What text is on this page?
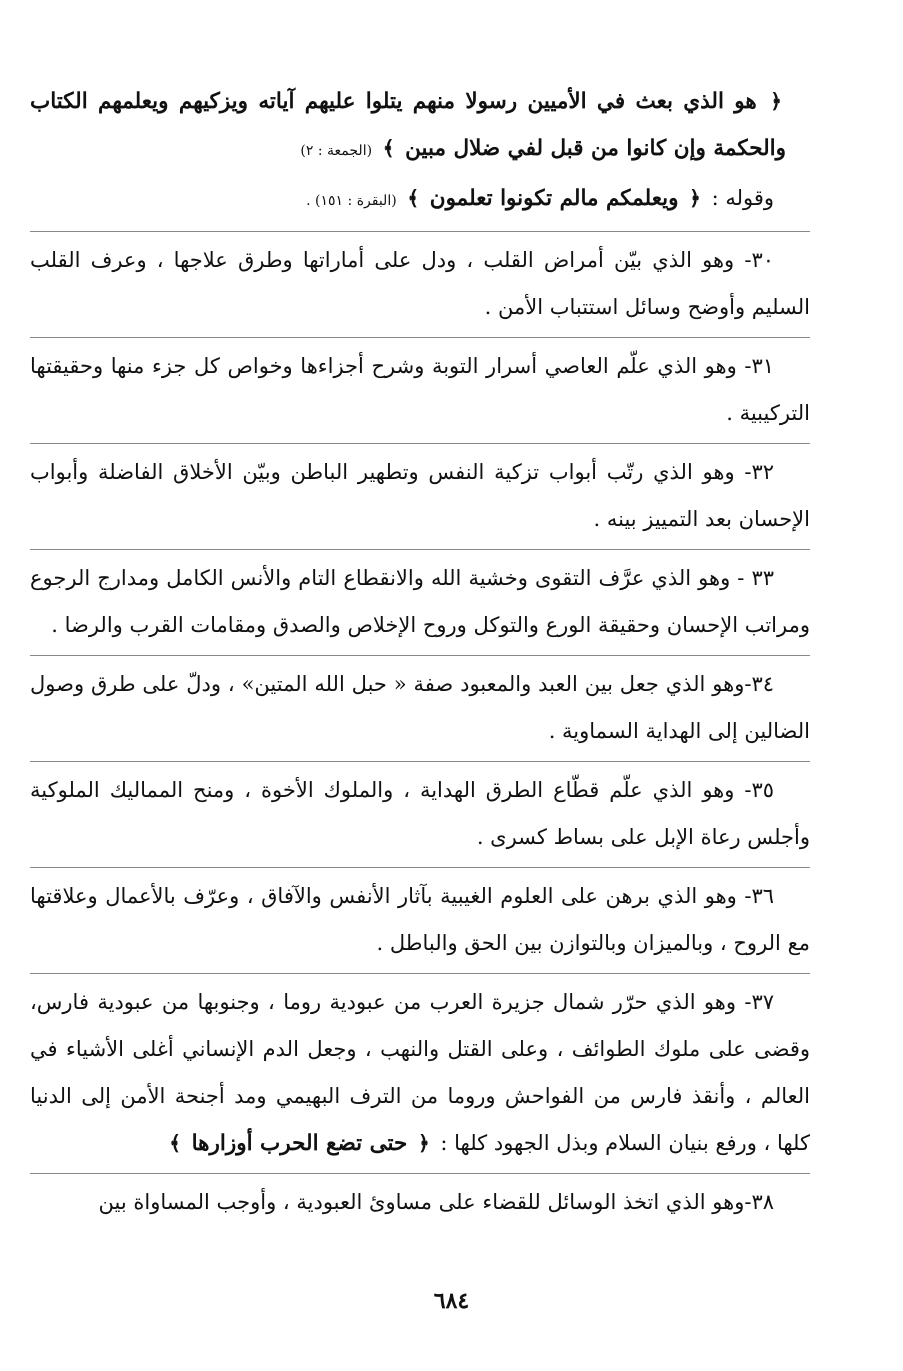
﴿ هو الذي بعث في الأميين رسولا منهم يتلوا عليهم آياته ويزكيهم ويعلمهم الكتاب والحكمة وإن كانوا من قبل لفي ضلال مبين ﴾ (الجمعة : ٢)

وقوله : ﴿ ويعلمكم مالم تكونوا تعلمون ﴾ (البقرة : ١٥١) .

٣٠- وهو الذي بيّن أمراض القلب ، ودل على أماراتها وطرق علاجها ، وعرف القلب السليم وأوضح وسائل استتباب الأمن .

٣١- وهو الذي علّم العاصي أسرار التوبة وشرح أجزاءها وخواص كل جزء منها وحقيقتها التركيبية .

٣٢- وهو الذي رتّب أبواب تزكية النفس وتطهير الباطن وبيّن الأخلاق الفاضلة وأبواب الإحسان بعد التمييز بينه .

٣٣ - وهو الذي عرَّف التقوى وخشية الله والانقطاع التام والأنس الكامل ومدارج الرجوع ومراتب الإحسان وحقيقة الورع والتوكل وروح الإخلاص والصدق ومقامات القرب والرضا .

٣٤-وهو الذي جعل بين العبد والمعبود صفة « حبل الله المتين» ، ودلّ على طرق وصول الضالين إلى الهداية السماوية .

٣٥- وهو الذي علّم قطّاع الطرق الهداية ، والملوك الأخوة ، ومنح المماليك الملوكية وأجلس رعاة الإبل على بساط كسرى .

٣٦- وهو الذي برهن على العلوم الغيبية بآثار الأنفس والآفاق ، وعرّف بالأعمال وعلاقتها مع الروح ، وبالميزان وبالتوازن بين الحق والباطل .

٣٧- وهو الذي حرّر شمال جزيرة العرب من عبودية روما ، وجنوبها من عبودية فارس، وقضى على ملوك الطوائف ، وعلى القتل والنهب ، وجعل الدم الإنساني أغلى الأشياء في العالم ، وأنقذ فارس من الفواحش وروما من الترف البهيمي ومد أجنحة الأمن إلى الدنيا كلها ، ورفع بنيان السلام وبذل الجهود كلها : ﴿ حتى تضع الحرب أوزارها ﴾

٣٨-وهو الذي اتخذ الوسائل للقضاء على مساوئ العبودية ، وأوجب المساواة بين

٦٨٤
